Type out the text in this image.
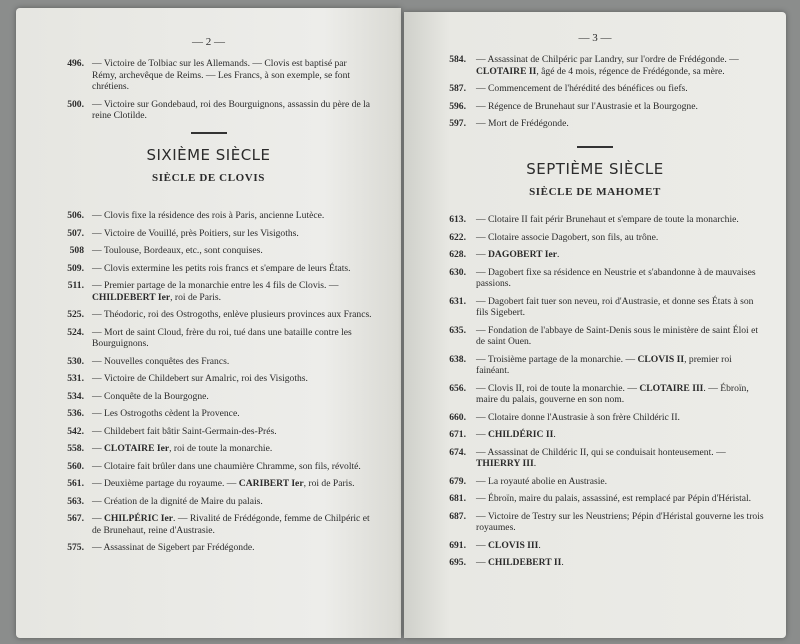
— 2 —
496. — Victoire de Tolbiac sur les Allemands. — Clovis est baptisé par Rémy, archevêque de Reims. — Les Francs, à son exemple, se font chrétiens.
500. — Victoire sur Gondebaud, roi des Bourguignons, assassin du père de la reine Clotilde.
SIXIÈME SIÈCLE
SIÈCLE DE CLOVIS
506. — Clovis fixe la résidence des rois à Paris, ancienne Lutèce.
507. — Victoire de Vouillé, près Poitiers, sur les Visigoths.
508 — Toulouse, Bordeaux, etc., sont conquises.
509. — Clovis extermine les petits rois francs et s'empare de leurs États.
511. — Premier partage de la monarchie entre les 4 fils de Clovis. — CHILDEBERT Ier, roi de Paris.
525. — Théodoric, roi des Ostrogoths, enlève plusieurs provinces aux Francs.
524. — Mort de saint Cloud, frère du roi, tué dans une bataille contre les Bourguignons.
530. — Nouvelles conquêtes des Francs.
531. — Victoire de Childebert sur Amalric, roi des Visigoths.
534. — Conquête de la Bourgogne.
536. — Les Ostrogoths cèdent la Provence.
542. — Childebert fait bâtir Saint-Germain-des-Prés.
558. — CLOTAIRE Ier, roi de toute la monarchie.
560. — Clotaire fait brûler dans une chaumière Chramme, son fils, révolté.
561. — Deuxième partage du royaume. — CARIBERT Ier, roi de Paris.
563. — Création de la dignité de Maire du palais.
567. — CHILPÉRIC Ier. — Rivalité de Frédégonde, femme de Chilpéric et de Brunehaut, reine d'Austrasie.
575. — Assassinat de Sigebert par Frédégonde.
— 3 —
584. — Assassinat de Chilpéric par Landry, sur l'ordre de Frédégonde. — CLOTAIRE II, âgé de 4 mois, régence de Frédégonde, sa mère.
587. — Commencement de l'hérédité des bénéfices ou fiefs.
596. — Régence de Brunehaut sur l'Austrasie et la Bourgogne.
597. — Mort de Frédégonde.
SEPTIÈME SIÈCLE
SIÈCLE DE MAHOMET
613. — Clotaire II fait périr Brunehaut et s'empare de toute la monarchie.
622. — Clotaire associe Dagobert, son fils, au trône.
628. — DAGOBERT Ier.
630. — Dagobert fixe sa résidence en Neustrie et s'abandonne à de mauvaises passions.
631. — Dagobert fait tuer son neveu, roi d'Austrasie, et donne ses États à son fils Sigebert.
635. — Fondation de l'abbaye de Saint-Denis sous le ministère de saint Éloi et de saint Ouen.
638. — Troisième partage de la monarchie. — CLOVIS II, premier roi fainéant.
656. — Clovis II, roi de toute la monarchie. — CLOTAIRE III. — Ébroïn, maire du palais, gouverne en son nom.
660. — Clotaire donne l'Austrasie à son frère Childéric II.
671. — CHILDÉRIC II.
674. — Assassinat de Childéric II, qui se conduisait honteusement. — THIERRY III.
679. — La royauté abolie en Austrasie.
681. — Ébroïn, maire du palais, assassiné, est remplacé par Pépin d'Héristal.
687. — Victoire de Testry sur les Neustriens; Pépin d'Héristal gouverne les trois royaumes.
691. — CLOVIS III.
695. — CHILDEBERT II.
